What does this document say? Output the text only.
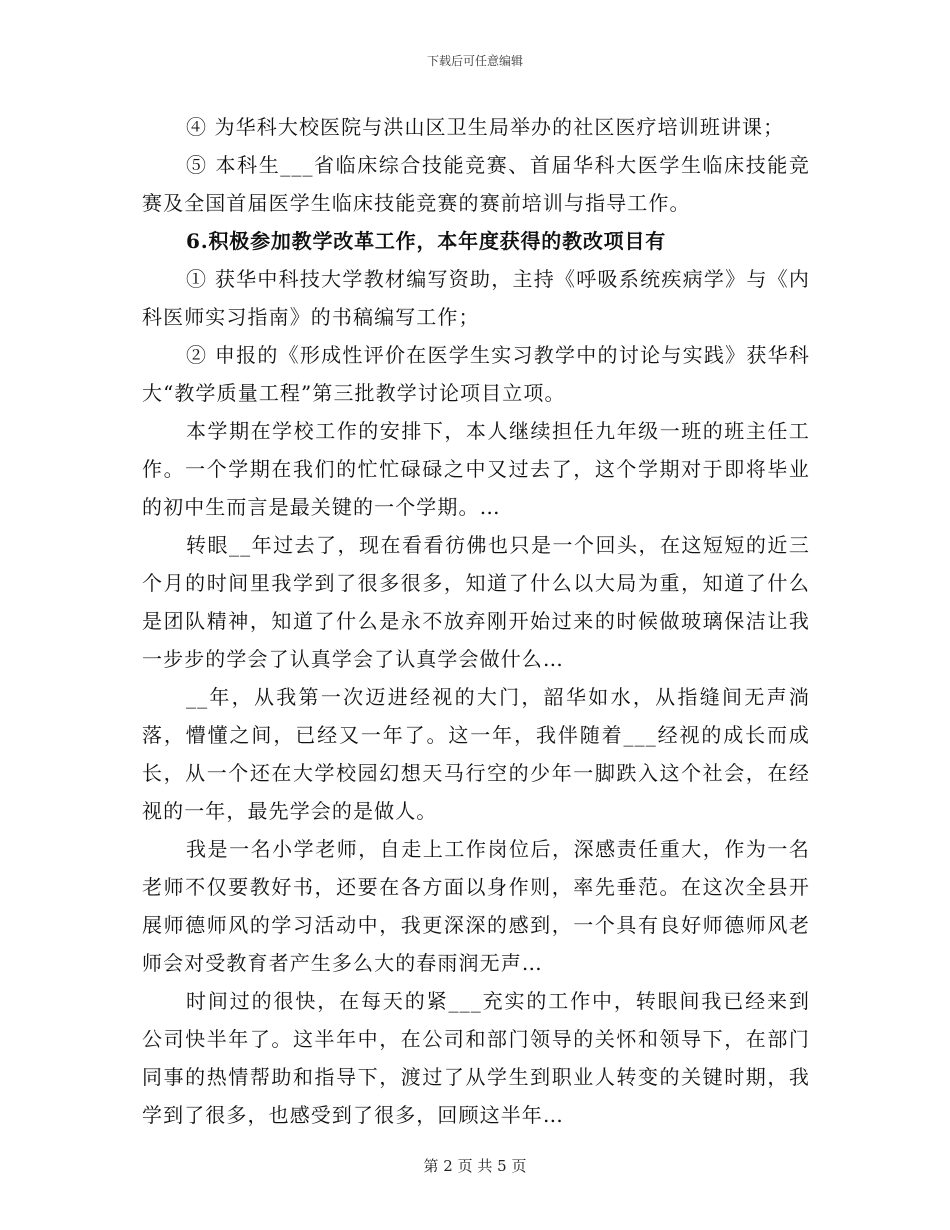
下载后可任意编辑

④ 为华科大校医院与洪山区卫生局举办的社区医疗培训班讲课；

⑤ 本科生___省临床综合技能竞赛、首届华科大医学生临床技能竞赛及全国首届医学生临床技能竞赛的赛前培训与指导工作。

6.积极参加教学改革工作，本年度获得的教改项目有

① 获华中科技大学教材编写资助，主持《呼吸系统疾病学》与《内科医师实习指南》的书稿编写工作；

② 申报的《形成性评价在医学生实习教学中的讨论与实践》获华科大“教学质量工程”第三批教学讨论项目立项。

本学期在学校工作的安排下，本人继续担任九年级一班的班主任工作。一个学期在我们的忙忙碌碌之中又过去了，这个学期对于即将毕业的初中生而言是最关键的一个学期。…

转眼__年过去了，现在看看彷佛也只是一个回头，在这短短的近三个月的时间里我学到了很多很多，知道了什么以大局为重，知道了什么是团队精神，知道了什么是永不放弃刚开始过来的时候做玻璃保洁让我一步步的学会了认真学会了认真学会做什么…

__年，从我第一次迈进经视的大门，韶华如水，从指缝间无声淌落，懵懂之间，已经又一年了。这一年，我伴随着___经视的成长而成长，从一个还在大学校园幻想天马行空的少年一脚跌入这个社会，在经视的一年，最先学会的是做人。

我是一名小学老师，自走上工作岗位后，深感责任重大，作为一名老师不仅要教好书，还要在各方面以身作则，率先垂范。在这次全县开展师德师风的学习活动中，我更深深的感到，一个具有良好师德师风老师会对受教育者产生多么大的春雨润无声…

时间过的很快，在每天的紧___充实的工作中，转眼间我已经来到公司快半年了。这半年中，在公司和部门领导的关怀和领导下，在部门同事的热情帮助和指导下，渡过了从学生到职业人转变的关键时期，我学到了很多，也感受到了很多，回顾这半年…

第 2 页 共 5 页
